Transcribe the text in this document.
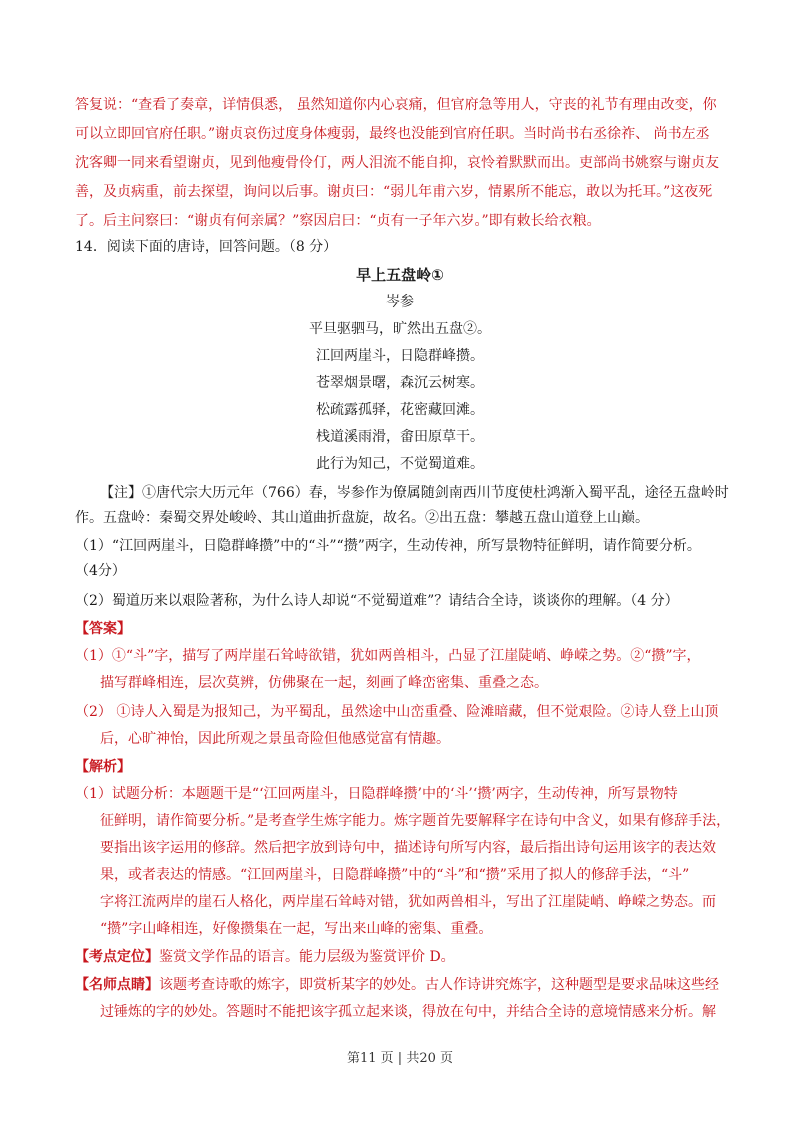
答复说：“查看了奏章，详情俱悉， 虽然知道你内心哀痛，但官府急等用人，守丧的礼节有理由改变，你
可以立即回官府任职。”谢贞哀伤过度身体瘦弱，最终也没能到官府任职。当时尚书右丞徐祚、 尚书左丞
沈客卿一同来看望谢贞，见到他瘦骨伶仃，两人泪流不能自抑，哀怜着默默而出。吏部尚书姚察与谢贞友
善，及贞病重，前去探望，询问以后事。谢贞曰：“弱儿年甫六岁，情累所不能忘，敢以为托耳。”这夜死
了。后主问察曰：“谢贞有何亲属？”察因启曰：“贞有一子年六岁。”即有敕长给衣粮。
14．阅读下面的唐诗，回答问题。（8 分）
早上五盘岭①
岑参
平旦驱驷马，旷然出五盘②。
江回两崖斗，日隐群峰攒。
苍翠烟景曙，森沉云树寒。
松疏露孤驿，花密藏回滩。
栈道溪雨滑，畬田原草干。
此行为知己，不觉蜀道难。
【注】①唐代宗大历元年（766）春，岑参作为僚属随剑南西川节度使杜鸿渐入蜀平乱，途径五盘岭时
作。五盘岭：秦蜀交界处峻岭、其山道曲折盘旋，故名。②出五盘：攀越五盘山道登上山巅。
（1）“江回两崖斗，日隐群峰攒”中的“斗”“攒”两字，生动传神，所写景物特征鲜明，请作简要分析。
（4分）
（2）蜀道历来以艰险著称，为什么诗人却说“不觉蜀道难”？请结合全诗，谈谈你的理解。（4 分）
【答案】
（1）①“斗”字，描写了两岸崖石耸峙欲错，犹如两兽相斗，凸显了江崖陡峭、峥嵘之势。②“攒”字，
描写群峰相连，层次莫辨，仿佛聚在一起，刻画了峰峦密集、重叠之态。
（2） ①诗人入蜀是为报知己，为平蜀乱，虽然途中山峦重叠、险滩暗藏，但不觉艰险。②诗人登上山顶
后，心旷神怡，因此所观之景虽奇险但他感觉富有情趣。
【解析】
（1）试题分析：本题题干是“‘江回两崖斗，日隐群峰攒’中的‘斗’‘攒’两字，生动传神，所写景物特
征鲜明，请作简要分析。”是考查学生炼字能力。炼字题首先要解释字在诗句中含义，如果有修辞手法，
要指出该字运用的修辞。然后把字放到诗句中，描述诗句所写内容，最后指出诗句运用该字的表达效
果，或者表达的情感。“江回两崖斗，日隐群峰攒”中的“斗”和“攒”采用了拟人的修辞手法，“斗”
字将江流两岸的崖石人格化，两岸崖石耸峙对错，犹如两兽相斗，写出了江崖陡峭、峥嵘之势态。而
“攒”字山峰相连，好像攒集在一起，写出来山峰的密集、重叠。
【考点定位】鉴赏文学作品的语言。能力层级为鉴赏评价 D。
【名师点睛】该题考查诗歌的炼字，即赏析某字的妙处。古人作诗讲究炼字，这种题型是要求品味这些经
过锤炼的字的妙处。答题时不能把该字孤立起来谈，得放在句中，并结合全诗的意境情感来分析。解
第11 页 | 共20 页
